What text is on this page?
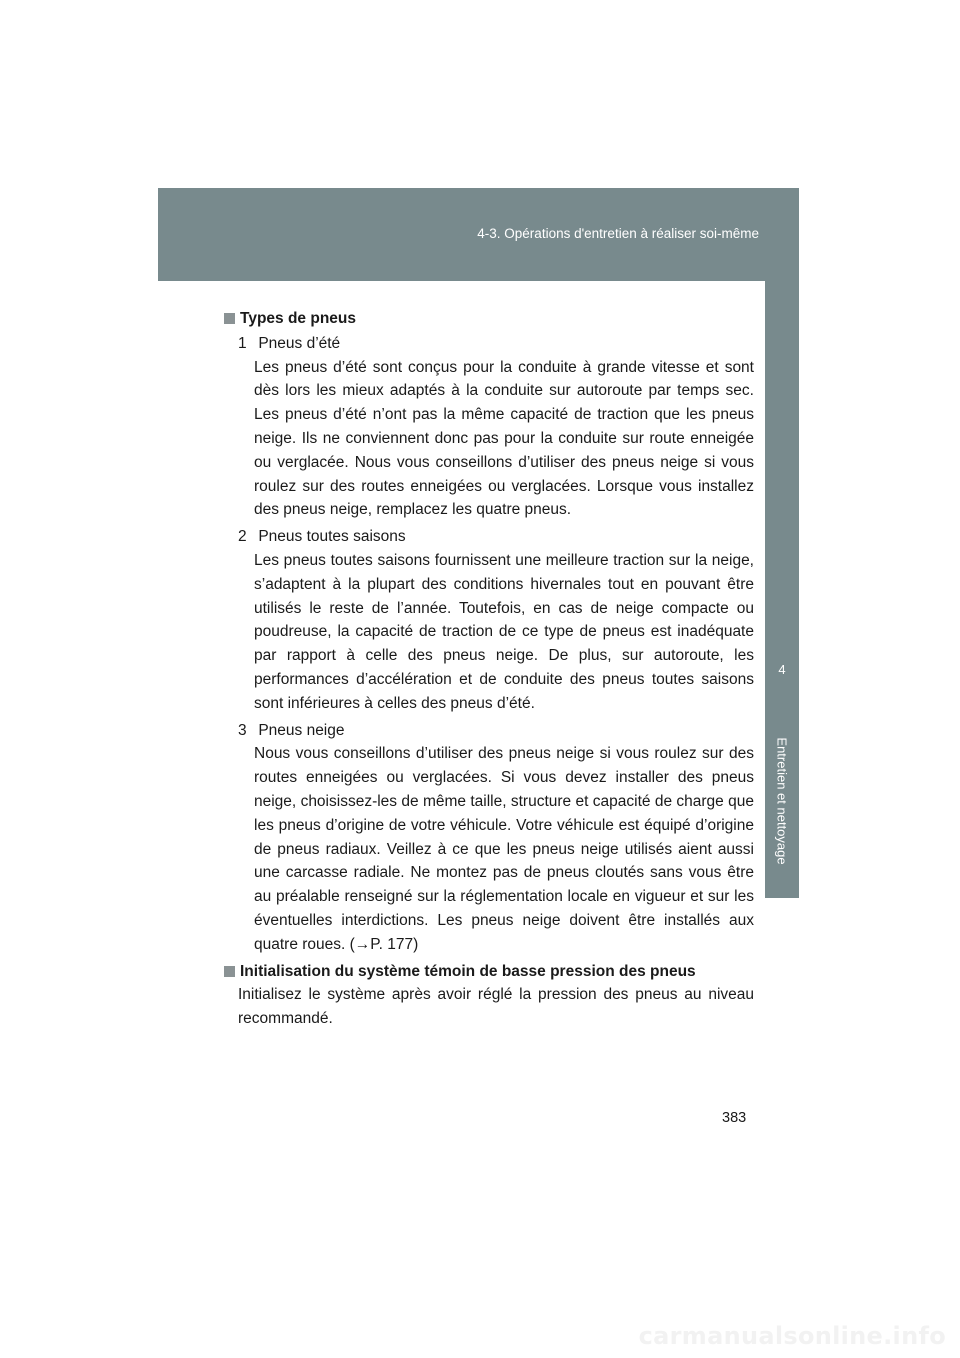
4-3. Opérations d'entretien à réaliser soi-même
4
Entretien et nettoyage
Types de pneus
1 Pneus d’été
Les pneus d’été sont conçus pour la conduite à grande vitesse et sont dès lors les mieux adaptés à la conduite sur autoroute par temps sec. Les pneus d’été n’ont pas la même capacité de traction que les pneus neige. Ils ne conviennent donc pas pour la conduite sur route enneigée ou verglacée. Nous vous conseillons d’utiliser des pneus neige si vous roulez sur des routes enneigées ou verglacées. Lorsque vous installez des pneus neige, remplacez les quatre pneus.
2 Pneus toutes saisons
Les pneus toutes saisons fournissent une meilleure traction sur la neige, s’adaptent à la plupart des conditions hivernales tout en pouvant être utilisés le reste de l’année. Toutefois, en cas de neige compacte ou poudreuse, la capacité de traction de ce type de pneus est inadéquate par rapport à celle des pneus neige. De plus, sur autoroute, les performances d’accélération et de conduite des pneus toutes saisons sont inférieures à celles des pneus d’été.
3 Pneus neige
Nous vous conseillons d’utiliser des pneus neige si vous roulez sur des routes enneigées ou verglacées. Si vous devez installer des pneus neige, choisissez-les de même taille, structure et capacité de charge que les pneus d’origine de votre véhicule. Votre véhicule est équipé d’origine de pneus radiaux. Veillez à ce que les pneus neige utilisés aient aussi une carcasse radiale. Ne montez pas de pneus cloutés sans vous être au préalable renseigné sur la réglementation locale en vigueur et sur les éventuelles interdictions. Les pneus neige doivent être installés aux quatre roues. (→P. 177)
Initialisation du système témoin de basse pression des pneus
Initialisez le système après avoir réglé la pression des pneus au niveau recommandé.
383
carmanualsonline.info
